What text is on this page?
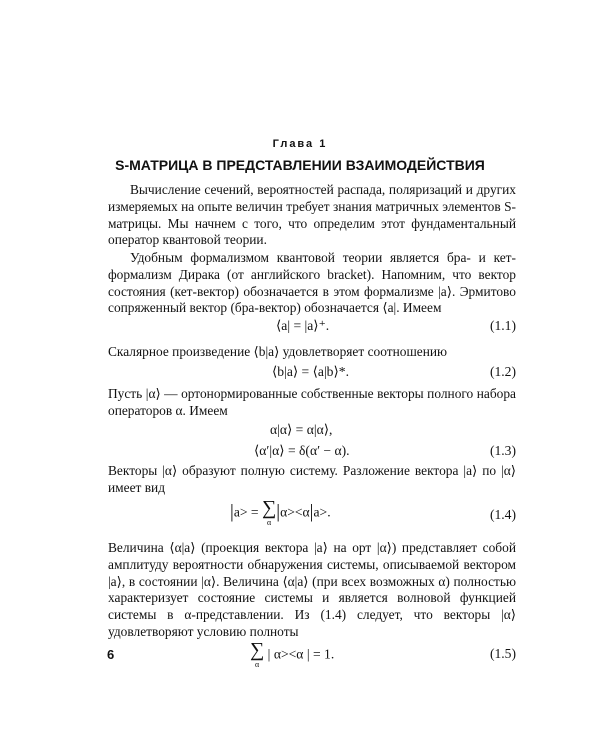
Глава 1
S-МАТРИЦА В ПРЕДСТАВЛЕНИИ ВЗАИМОДЕЙСТВИЯ

Вычисление сечений, вероятностей распада, поляризаций и других измеряемых на опыте величин требует знания матричных элементов S-матрицы. Мы начнем с того, что определим этот фундаментальный оператор квантовой теории.

Удобным формализмом квантовой теории является бра- и кет-формализм Дирака (от английского bracket). Напомним, что вектор состояния (кет-вектор) обозначается в этом формализме |a⟩. Эрмитово сопряженный вектор (бра-вектор) обозначается ⟨a|. Имеем

⟨a| = |a⟩⁺.	(1.1)

Скалярное произведение ⟨b|a⟩ удовлетворяет соотношению

⟨b|a⟩ = ⟨a|b⟩*.	(1.2)

Пусть |α⟩ — ортонормированные собственные векторы полного набора операторов α. Имеем

α|α⟩ = α|α⟩,
⟨α′|α⟩ = δ(α′ − α).	(1.3)

Векторы |α⟩ образуют полную систему. Разложение вектора |a⟩ по |α⟩ имеет вид

|a> = ∑
α |α><α|a>.	(1.4)

Величина ⟨α|a⟩ (проекция вектора |a⟩ на орт |α⟩) представляет собой амплитуду вероятности обнаружения системы, описываемой вектором |a⟩, в состоянии |α⟩. Величина ⟨α|a⟩ (при всех возможных α) полностью характеризует состояние системы и является волновой функцией системы в α-представлении. Из (1.4) следует, что векторы |α⟩ удовлетворяют условию полноты

∑
α
| α><α | = 1.	(1.5)
6
